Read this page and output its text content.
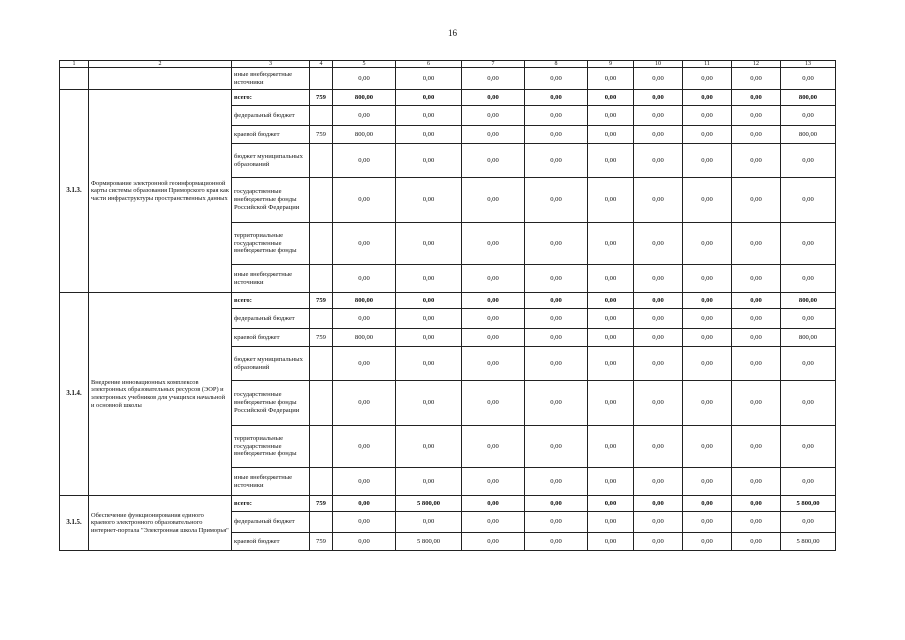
16
1	2	3	4	5	6	7	8	9	10	11	12	13
		иные внебюджетные источники		0,00	0,00	0,00	0,00	0,00	0,00	0,00	0,00	0,00
3.1.3.	Формирование электронной геоинформационной карты системы образования Приморского края как части инфраструктуры пространственных данных	всего:	759	800,00	0,00	0,00	0,00	0,00	0,00	0,00	0,00	800,00
		федеральный бюджет		0,00	0,00	0,00	0,00	0,00	0,00	0,00	0,00	0,00
		краевой бюджет	759	800,00	0,00	0,00	0,00	0,00	0,00	0,00	0,00	800,00
		бюджет муниципальных образований		0,00	0,00	0,00	0,00	0,00	0,00	0,00	0,00	0,00
		государственные внебюджетные фонды Российской Федерации		0,00	0,00	0,00	0,00	0,00	0,00	0,00	0,00	0,00
		территориальные государственные внебюджетные фонды		0,00	0,00	0,00	0,00	0,00	0,00	0,00	0,00	0,00
		иные внебюджетные источники		0,00	0,00	0,00	0,00	0,00	0,00	0,00	0,00	0,00
3.1.4.	Внедрение инновационных комплексов электронных образовательных ресурсов (ЭОР) и электронных учебников для учащихся начальной и основной школы	всего:	759	800,00	0,00	0,00	0,00	0,00	0,00	0,00	0,00	800,00
		федеральный бюджет		0,00	0,00	0,00	0,00	0,00	0,00	0,00	0,00	0,00
		краевой бюджет	759	800,00	0,00	0,00	0,00	0,00	0,00	0,00	0,00	800,00
		бюджет муниципальных образований		0,00	0,00	0,00	0,00	0,00	0,00	0,00	0,00	0,00
		государственные внебюджетные фонды Российской Федерации		0,00	0,00	0,00	0,00	0,00	0,00	0,00	0,00	0,00
		территориальные государственные внебюджетные фонды		0,00	0,00	0,00	0,00	0,00	0,00	0,00	0,00	0,00
		иные внебюджетные источники		0,00	0,00	0,00	0,00	0,00	0,00	0,00	0,00	0,00
3.1.5.	Обеспечение функционирования единого краевого электронного образовательного интернет-портала "Электронная школа Приморья"	всего:	759	0,00	5 800,00	0,00	0,00	0,00	0,00	0,00	0,00	5 800,00
		федеральный бюджет		0,00	0,00	0,00	0,00	0,00	0,00	0,00	0,00	0,00
		краевой бюджет	759	0,00	5 800,00	0,00	0,00	0,00	0,00	0,00	0,00	5 800,00
